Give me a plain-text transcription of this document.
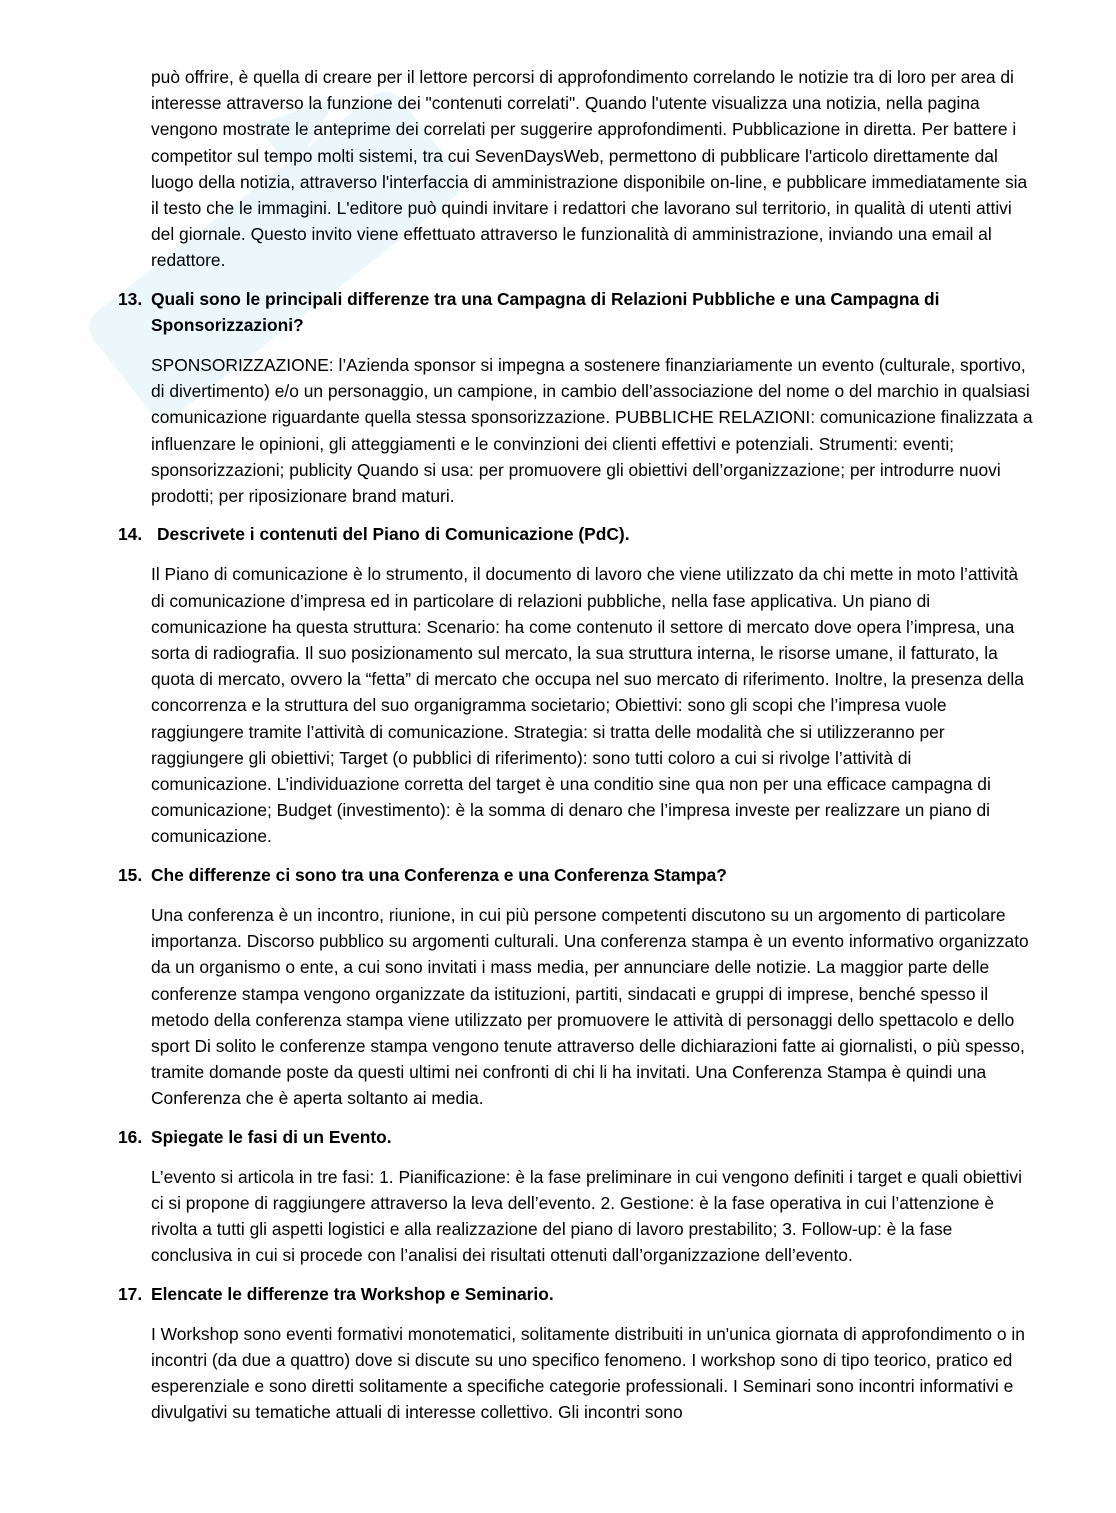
può offrire, è quella di creare per il lettore percorsi di approfondimento correlando le notizie tra di loro per area di interesse attraverso la funzione dei "contenuti correlati". Quando l'utente visualizza una notizia, nella pagina vengono mostrate le anteprime dei correlati per suggerire approfondimenti. Pubblicazione in diretta. Per battere i competitor sul tempo molti sistemi, tra cui SevenDaysWeb, permettono di pubblicare l'articolo direttamente dal luogo della notizia, attraverso l'interfaccia di amministrazione disponibile on-line, e pubblicare immediatamente sia il testo che le immagini. L'editore può quindi invitare i redattori che lavorano sul territorio, in qualità di utenti attivi del giornale. Questo invito viene effettuato attraverso le funzionalità di amministrazione, inviando una email al redattore.

13. Quali sono le principali differenze tra una Campagna di Relazioni Pubbliche e una Campagna di Sponsorizzazioni?

SPONSORIZZAZIONE: l’Azienda sponsor si impegna a sostenere finanziariamente un evento (culturale, sportivo, di divertimento) e/o un personaggio, un campione, in cambio dell’associazione del nome o del marchio in qualsiasi comunicazione riguardante quella stessa sponsorizzazione. PUBBLICHE RELAZIONI: comunicazione finalizzata a influenzare le opinioni, gli atteggiamenti e le convinzioni dei clienti effettivi e potenziali. Strumenti: eventi; sponsorizzazioni; publicity Quando si usa: per promuovere gli obiettivi dell’organizzazione; per introdurre nuovi prodotti; per riposizionare brand maturi.

14. Descrivete i contenuti del Piano di Comunicazione (PdC).

Il Piano di comunicazione è lo strumento, il documento di lavoro che viene utilizzato da chi mette in moto l’attività di comunicazione d’impresa ed in particolare di relazioni pubbliche, nella fase applicativa. Un piano di comunicazione ha questa struttura: Scenario: ha come contenuto il settore di mercato dove opera l’impresa, una sorta di radiografia. Il suo posizionamento sul mercato, la sua struttura interna, le risorse umane, il fatturato, la quota di mercato, ovvero la “fetta” di mercato che occupa nel suo mercato di riferimento. Inoltre, la presenza della concorrenza e la struttura del suo organigramma societario; Obiettivi: sono gli scopi che l’impresa vuole raggiungere tramite l’attività di comunicazione. Strategia: si tratta delle modalità che si utilizzeranno per raggiungere gli obiettivi; Target (o pubblici di riferimento): sono tutti coloro a cui si rivolge l’attività di comunicazione. L’individuazione corretta del target è una conditio sine qua non per una efficace campagna di comunicazione; Budget (investimento): è la somma di denaro che l’impresa investe per realizzare un piano di comunicazione.

15. Che differenze ci sono tra una Conferenza e una Conferenza Stampa?

Una conferenza è un incontro, riunione, in cui più persone competenti discutono su un argomento di particolare importanza. Discorso pubblico su argomenti culturali. Una conferenza stampa è un evento informativo organizzato da un organismo o ente, a cui sono invitati i mass media, per annunciare delle notizie. La maggior parte delle conferenze stampa vengono organizzate da istituzioni, partiti, sindacati e gruppi di imprese, benché spesso il metodo della conferenza stampa viene utilizzato per promuovere le attività di personaggi dello spettacolo e dello sport Di solito le conferenze stampa vengono tenute attraverso delle dichiarazioni fatte ai giornalisti, o più spesso, tramite domande poste da questi ultimi nei confronti di chi li ha invitati. Una Conferenza Stampa è quindi una Conferenza che è aperta soltanto ai media.

16. Spiegate le fasi di un Evento.

L’evento si articola in tre fasi: 1. Pianificazione: è la fase preliminare in cui vengono definiti i target e quali obiettivi ci si propone di raggiungere attraverso la leva dell’evento. 2. Gestione: è la fase operativa in cui l’attenzione è rivolta a tutti gli aspetti logistici e alla realizzazione del piano di lavoro prestabilito; 3. Follow-up: è la fase conclusiva in cui si procede con l’analisi dei risultati ottenuti dall’organizzazione dell’evento.

17. Elencate le differenze tra Workshop e Seminario.

I Workshop sono eventi formativi monotematici, solitamente distribuiti in un'unica giornata di approfondimento o in incontri (da due a quattro) dove si discute su uno specifico fenomeno. I workshop sono di tipo teorico, pratico ed esperenziale e sono diretti solitamente a specifiche categorie professionali. I Seminari sono incontri informativi e divulgativi su tematiche attuali di interesse collettivo. Gli incontri sono
